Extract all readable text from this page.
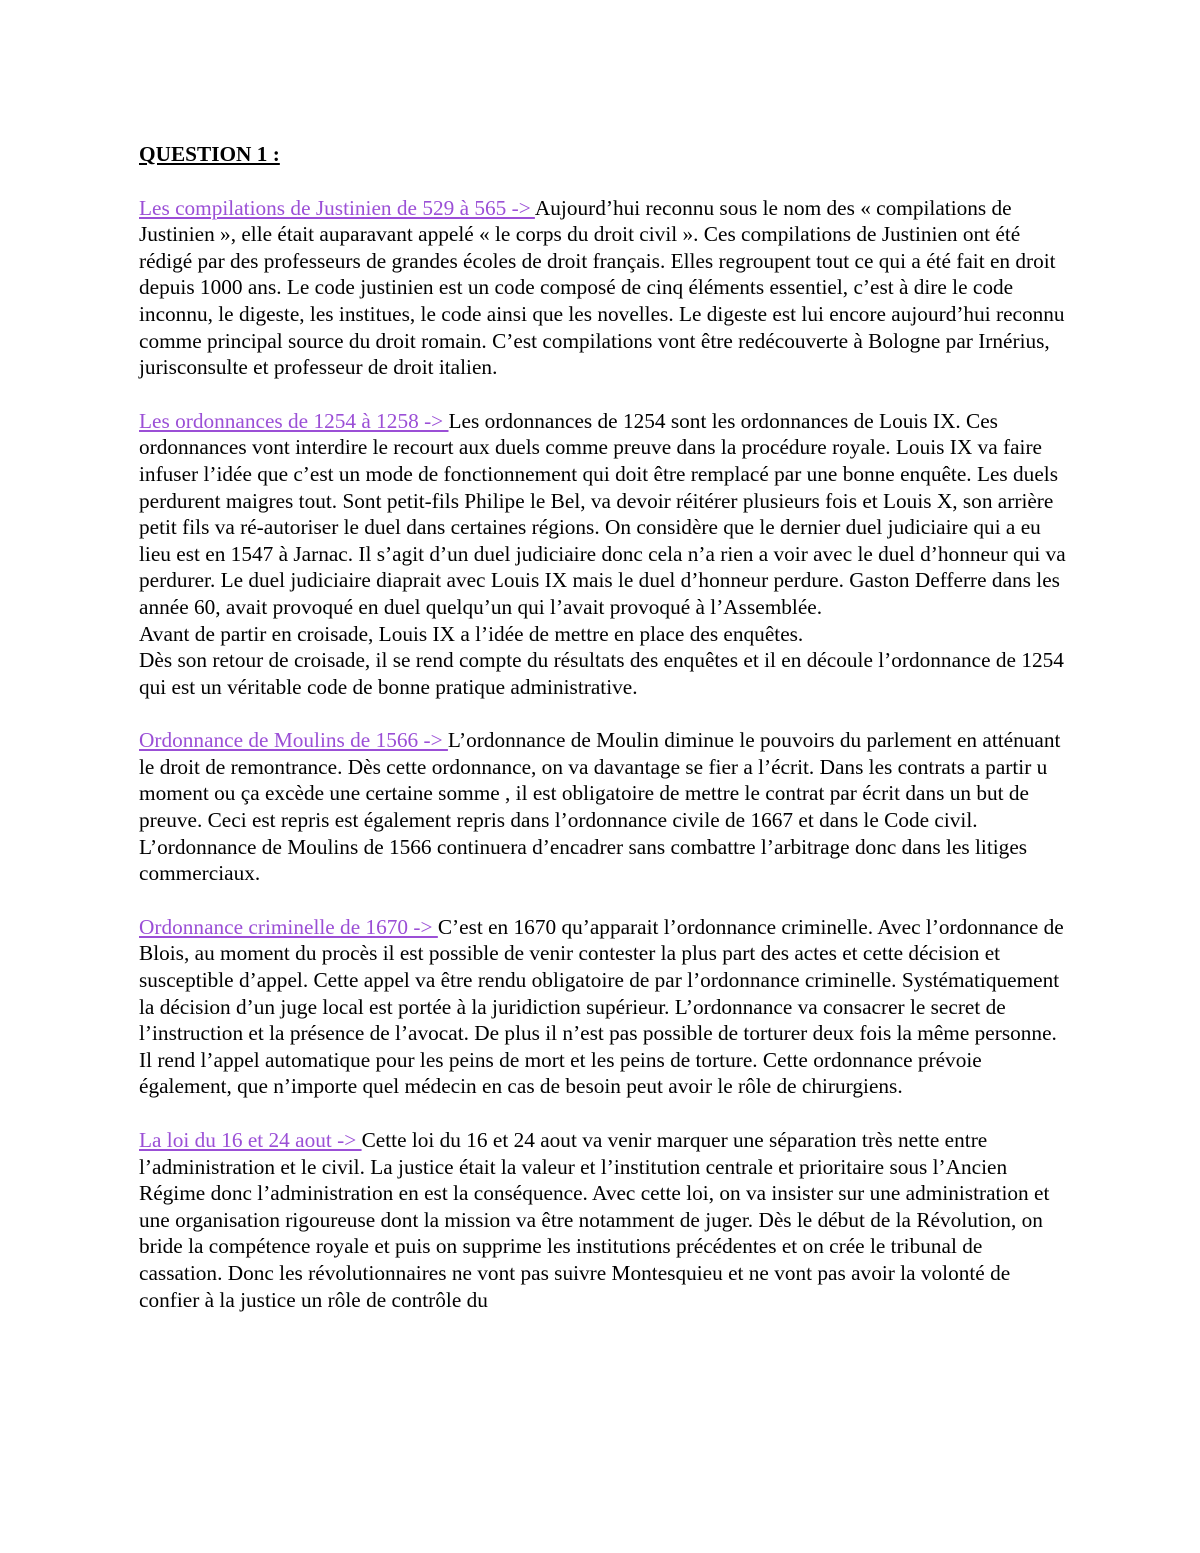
QUESTION 1 :

Les compilations de Justinien de 529 à 565 -> Aujourd’hui reconnu sous le nom des « compilations de Justinien », elle était auparavant appelé « le corps du droit civil ». Ces compilations de Justinien ont été rédigé par des professeurs de grandes écoles de droit français. Elles regroupent tout ce qui a été fait en droit depuis 1000 ans. Le code justinien est un code composé de cinq éléments essentiel, c’est à dire le code inconnu, le digeste, les institues, le code ainsi que les novelles. Le digeste est lui encore aujourd’hui reconnu comme principal source du droit romain. C’est compilations vont être redécouverte à Bologne par Irnérius, jurisconsulte et professeur de droit italien.

Les ordonnances de 1254 à 1258 -> Les ordonnances de 1254 sont les ordonnances de Louis IX. Ces ordonnances vont interdire le recourt aux duels comme preuve dans la procédure royale. Louis IX va faire infuser l’idée que c’est un mode de fonctionnement qui doit être remplacé par une bonne enquête. Les duels perdurent maigres tout. Sont petit-fils Philipe le Bel, va devoir réitérer plusieurs fois et Louis X, son arrière petit fils va ré-autoriser le duel dans certaines régions. On considère que le dernier duel judiciaire qui a eu lieu est en 1547 à Jarnac. Il s’agit d’un duel judiciaire donc cela n’a rien a voir avec le duel d’honneur qui va perdurer. Le duel judiciaire diaprait avec Louis IX mais le duel d’honneur perdure. Gaston Defferre dans les année 60, avait provoqué en duel quelqu’un qui l’avait provoqué à l’Assemblée.

Avant de partir en croisade, Louis IX a l’idée de mettre en place des enquêtes.

Dès son retour de croisade, il se rend compte du résultats des enquêtes et il en découle l’ordonnance de 1254 qui est un véritable code de bonne pratique administrative.

Ordonnance de Moulins de 1566 -> L’ordonnance de Moulin diminue le pouvoirs du parlement en atténuant le droit de remontrance. Dès cette ordonnance, on va davantage se fier a l’écrit. Dans les contrats a partir u moment ou ça excède une certaine somme , il est obligatoire de mettre le contrat par écrit dans un but de preuve. Ceci est repris est également repris dans l’ordonnance civile de 1667 et dans le Code civil. L’ordonnance de Moulins de 1566 continuera d’encadrer sans combattre l’arbitrage donc dans les litiges commerciaux.

Ordonnance criminelle de 1670 -> C’est en 1670 qu’apparait l’ordonnance criminelle. Avec l’ordonnance de Blois, au moment du procès il est possible de venir contester la plus part des actes et cette décision et susceptible d’appel. Cette appel va être rendu obligatoire de par l’ordonnance criminelle. Systématiquement la décision d’un juge local est portée à la juridiction supérieur. L’ordonnance va consacrer le secret de l’instruction et la présence de l’avocat. De plus il n’est pas possible de torturer deux fois la même personne. Il rend l’appel automatique pour les peins de mort et les peins de torture. Cette ordonnance prévoie également, que n’importe quel médecin en cas de besoin peut avoir le rôle de chirurgiens.

La loi du 16 et 24 aout -> Cette loi du 16 et 24 aout va venir marquer une séparation très nette entre l’administration et le civil. La justice était la valeur et l’institution centrale et prioritaire sous l’Ancien Régime donc l’administration en est la conséquence. Avec cette loi, on va insister sur une administration et une organisation rigoureuse dont la mission va être notamment de juger. Dès le début de la Révolution, on bride la compétence royale et puis on supprime les institutions précédentes et on crée le tribunal de cassation. Donc les révolutionnaires ne vont pas suivre Montesquieu et ne vont pas avoir la volonté de confier à la justice un rôle de contrôle du
